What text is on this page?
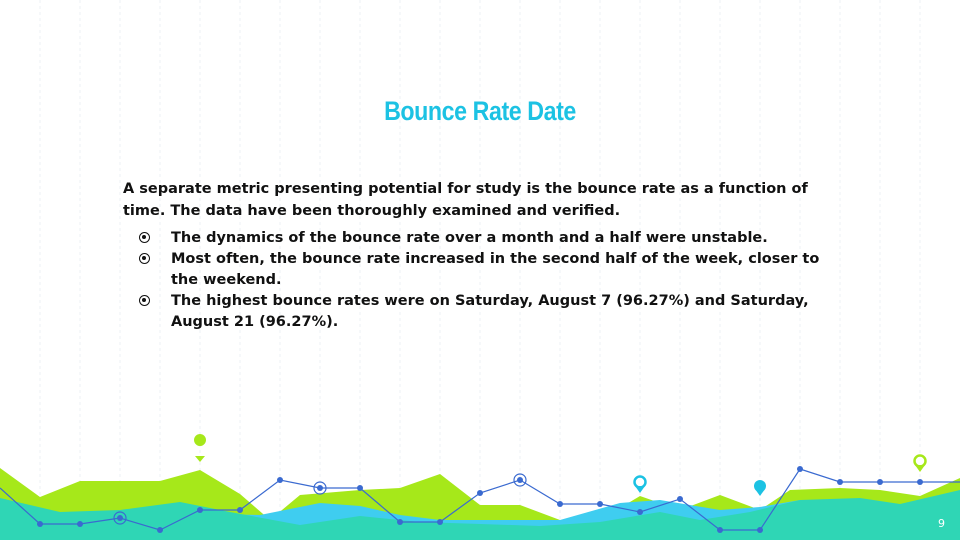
Bounce Rate Date

A separate metric presenting potential for study is the bounce rate as a function of time. The data have been thoroughly examined and verified.

The dynamics of the bounce rate over a month and a half were unstable.
Most often, the bounce rate increased in the second half of the week, closer to the weekend.
The highest bounce rates were on Saturday, August 7 (96.27%) and Saturday, August 21 (96.27%).
9
